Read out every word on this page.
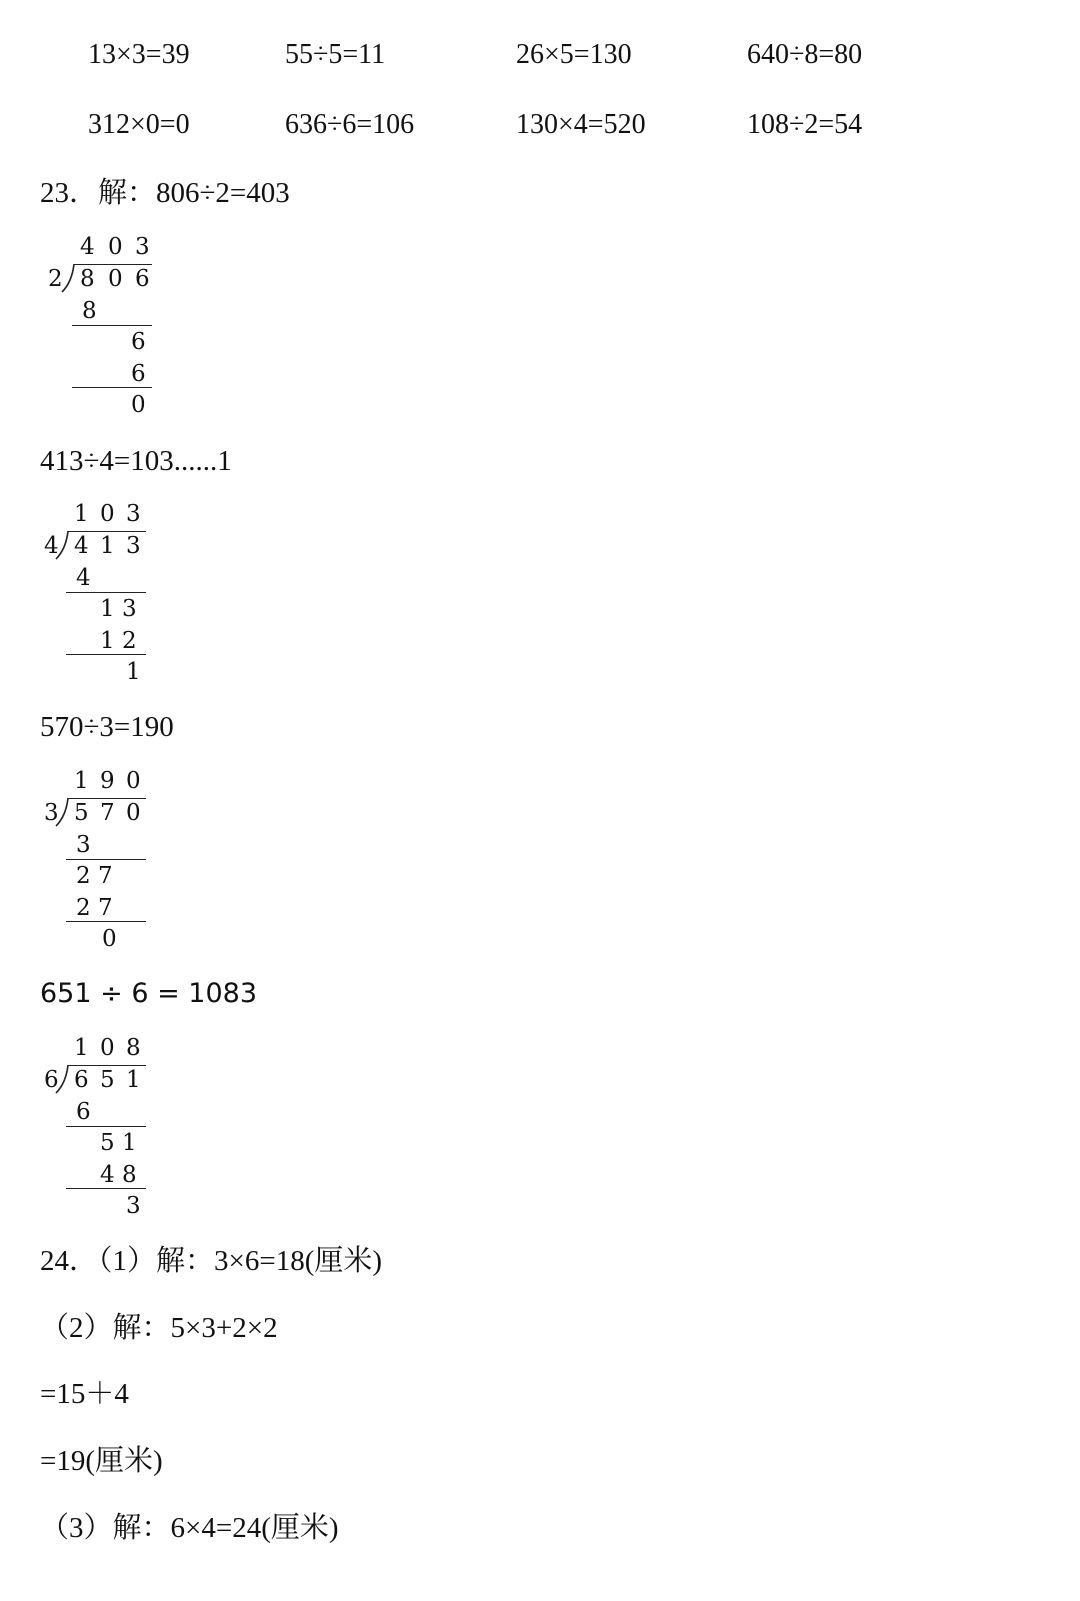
13×3=39	55÷5=11	26×5=130	640÷8=80
312×0=0	636÷6=106	130×4=520	108÷2=54
23．解：806÷2=403
4 0 3
2 8 0 6
8
6
6
0
413÷4=103......1
1 0 3
4 4 1 3
4
1 3
1 2
1
570÷3=190
1 9 0
3 5 7 0
3
2 7
2 7
0
651 ÷ 6 = 1083
1 0 8
6 6 5 1
6
5 1
4 8
3
24．（1）解：3×6=18(厘米)
（2）解：5×3+2×2
=15＋4
=19(厘米)
（3）解：6×4=24(厘米)
